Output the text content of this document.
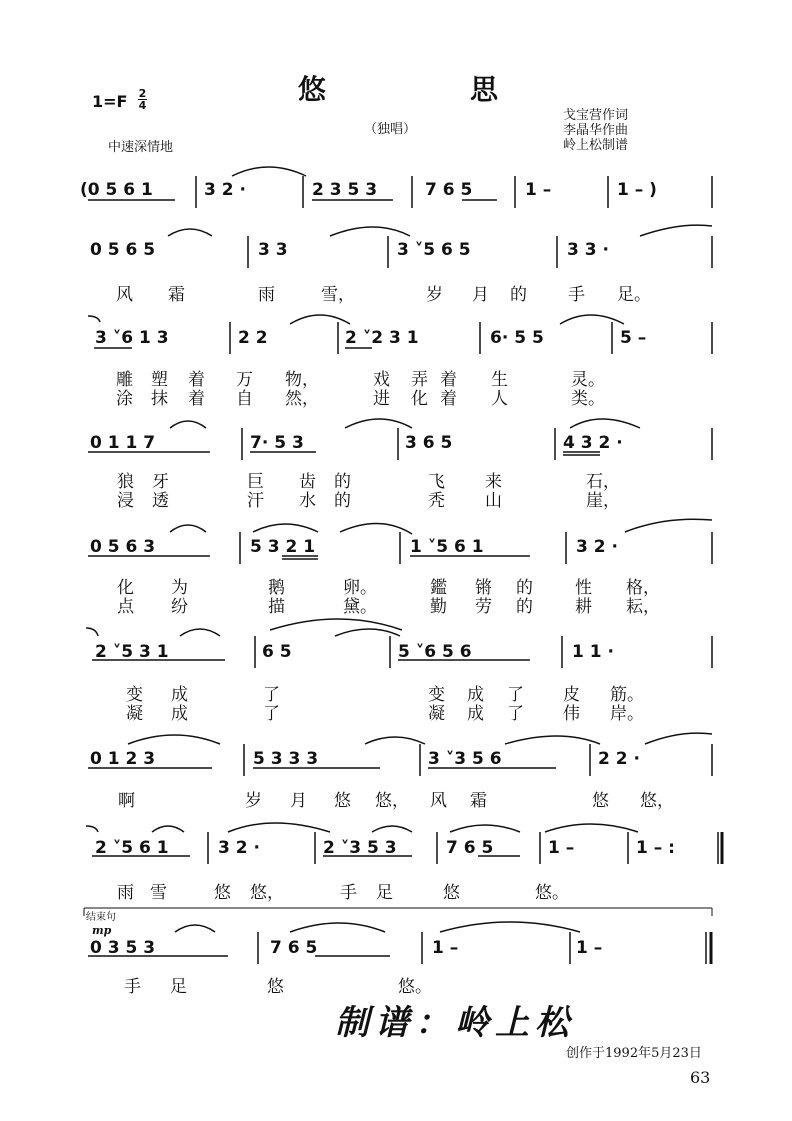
悠	思
（独唱）
1=F 2
4
中速深情地
戈宝营作词
李晶华作曲
岭上松制谱
(0 5 6 1	3 2 ·	2 3 5 3	7 6 5	1 –	1 – )
0 5 6 5	3 3	3 ˅5 6 5	3 3 ·
风 霜	雨	雪，	岁 月 的 手 足。
3 ˅6 1 3	2 2	2 ˅2 3 1	6· 5 5	5 –
雕 塑 着 万 物，	戏 弄 着 生	灵。
涂 抹 着 自 然，	进 化 着 人	类。
0 1 1 7	7· 5 3	3 6 5	4 3 2 ·
狼 牙	巨 齿 的	飞 来	石，
浸 透	汗 水 的	秃 山	崖，
0 5 6 3	5 3 2 1	1 ˅5 6 1	3 2 ·
化 为	鹅	卵。	鑑 锵 的 性 格，
点 纷	描	黛。	勤 劳 的 耕 耘，
2 ˅5 3 1	6 5	5 ˅6 5 6	1 1 ·
变 成	了	变 成 了 皮 筋。
凝 成	了	凝 成 了 伟 岸。
0 1 2 3	5 3 3 3	3 ˅3 5 6	2 2 ·
啊	岁 月 悠 悠， 风 霜	悠 悠，
2 ˅5 6 1	3 2 ·	2 ˅3 5 3	7 6 5	1 –	1 – :
雨 雪	悠 悠，	手 足	悠	悠。
结束句
mp
0 3 5 3	7 6 5	1 –	1 –
手 足	悠	悠。
制谱：岭上松
创作于1992年5月23日
63
